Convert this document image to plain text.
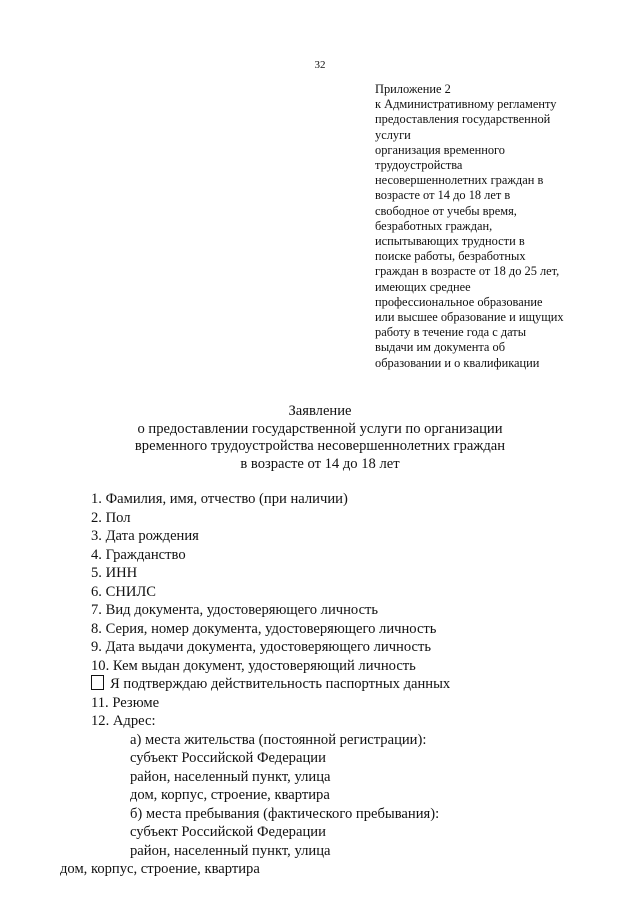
32
Приложение 2
к Административному регламенту
предоставления государственной
услуги
организация временного
трудоустройства
несовершеннолетних граждан в
возрасте от 14 до 18 лет в
свободное от учебы время,
безработных граждан,
испытывающих трудности в
поиске работы, безработных
граждан в возрасте от 18 до 25 лет,
имеющих среднее
профессиональное образование
или высшее образование и ищущих
работу в течение года с даты
выдачи им документа об
образовании и о квалификации
Заявление
о предоставлении государственной услуги по организации
временного трудоустройства несовершеннолетних граждан
в возрасте от 14 до 18 лет
1. Фамилия, имя, отчество (при наличии)
2. Пол
3. Дата рождения
4. Гражданство
5. ИНН
6. СНИЛС
7. Вид документа, удостоверяющего личность
8. Серия, номер документа, удостоверяющего личность
9. Дата выдачи документа, удостоверяющего личность
10. Кем выдан документ, удостоверяющий личность
Я подтверждаю действительность паспортных данных
11. Резюме
12. Адрес:
а) места жительства (постоянной регистрации):
субъект Российской Федерации
район, населенный пункт, улица
дом, корпус, строение, квартира
б) места пребывания (фактического пребывания):
субъект Российской Федерации
район, населенный пункт, улица
дом, корпус, строение, квартира
